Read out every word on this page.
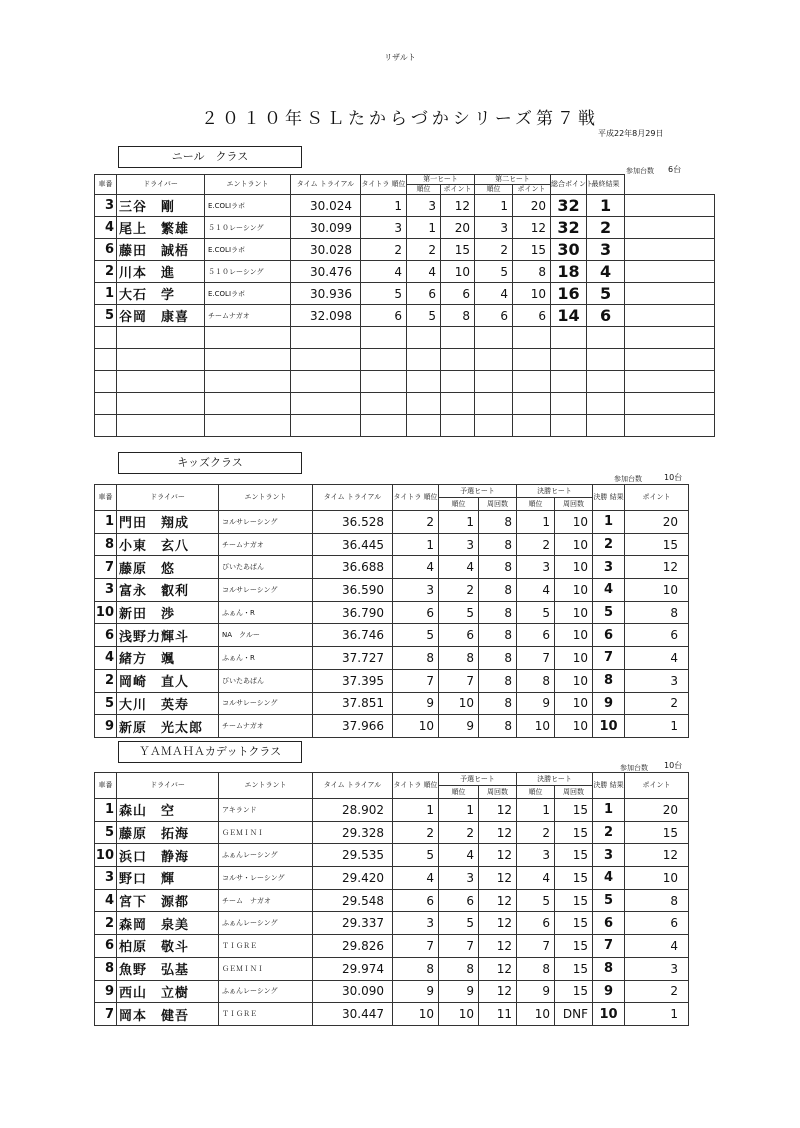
リザルト
２０１０年ＳＬたからづかシリーズ第７戦
平成22年8月29日
ニール　クラス
参加台数 6台
車番	ドライバー	エントラント	タイム トライアル	タイトラ 順位	第一ヒート		第二ヒート		総合ポイント	最終結果	
					順位	ポイント	順位	ポイント			
3	三谷　剛	E.COLIラボ	30.024	1	3	12	1	20	32	1	
4	尾上　繁雄	５１０レーシング	30.099	3	1	20	3	12	32	2	
6	藤田　誠梧	E.COLIラボ	30.028	2	2	15	2	15	30	3	
2	川本　進	５１０レーシング	30.476	4	4	10	5	8	18	4	
1	大石　学	E.COLIラボ	30.936	5	6	6	4	10	16	5	
5	谷岡　康喜	チームナガオ	32.098	6	5	8	6	6	14	6	

キッズクラス
参加台数	10台
車番	ドライバー	エントラント	タイム トライアル	タイトラ 順位	予選ヒート		決勝ヒート		決勝 結果	ポイント
					順位	周回数	順位	周回数		
1	門田　翔成	コルサレーシング	36.528	2	1	8	1	10	1	20
8	小東　玄八	チームナガオ	36.445	1	3	8	2	10	2	15
7	藤原　悠	びいたあぱん	36.688	4	4	8	3	10	3	12
3	富永　叡利	コルサレーシング	36.590	3	2	8	4	10	4	10
10	新田　渉	ふぁん・R	36.790	6	5	8	5	10	5	8
6	浅野力輝斗	NA　クルー	36.746	5	6	8	6	10	6	6
4	緒方　颯	ふぁん・R	37.727	8	8	8	7	10	7	4
2	岡崎　直人	びいたあぱん	37.395	7	7	8	8	10	8	3
5	大川　英寿	コルサレーシング	37.851	9	10	8	9	10	9	2
9	新原　光太郎	チームナガオ	37.966	10	9	8	10	10	10	1
ＹＡＭＡＨＡカデットクラス
参加台数 10台
車番	ドライバー	エントラント	タイム トライアル	タイトラ 順位	予選ヒート		決勝ヒート		決勝 結果	ポイント
					順位	周回数	順位	周回数		
1	森山　空	アキランド	28.902	1	1	12	1	15	1	20
5	藤原　拓海	ＧＥＭＩＮＩ	29.328	2	2	12	2	15	2	15
10	浜口　静海	ふぁんレーシング	29.535	5	4	12	3	15	3	12
3	野口　輝	コルサ・レーシング	29.420	4	3	12	4	15	4	10
4	宮下　源都	チーム　ナガオ	29.548	6	6	12	5	15	5	8
2	森岡　泉美	ふぁんレーシング	29.337	3	5	12	6	15	6	6
6	柏原　敬斗	ＴＩＧＲＥ	29.826	7	7	12	7	15	7	4
8	魚野　弘基	ＧＥＭＩＮＩ	29.974	8	8	12	8	15	8	3
9	西山　立樹	ふぁんレーシング	30.090	9	9	12	9	15	9	2
7	岡本　健吾	ＴＩＧＲＥ	30.447	10	10	11	10	DNF	10	1
